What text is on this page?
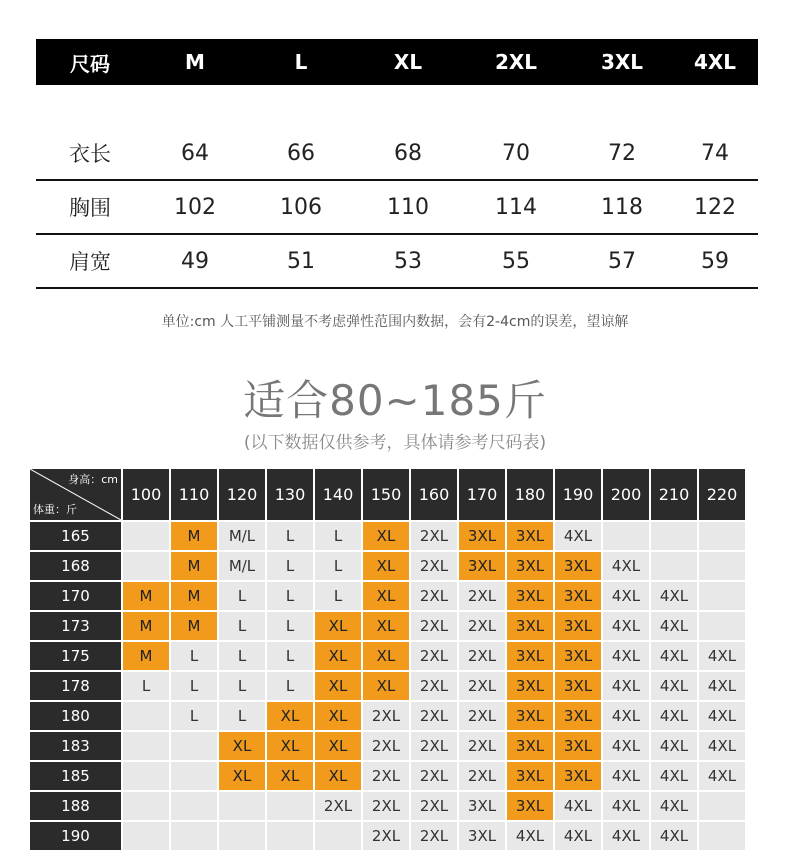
尺码	M	L	XL	2XL	3XL	4XL
衣长	64	66	68	70	72	74
胸围	102	106	110	114	118	122
肩宽	49	51	53	55	57	59
单位:cm 人工平铺测量不考虑弹性范围内数据，会有2-4cm的误差，望谅解
适合80~185斤
(以下数据仅供参考，具体请参考尺码表)
身高：cm
体重：斤	100	110	120	130	140	150	160	170	180	190	200	210	220
165		M	M/L	L	L	XL	2XL	3XL	3XL	4XL			
168		M	M/L	L	L	XL	2XL	3XL	3XL	3XL	4XL		
170	M	M	L	L	L	XL	2XL	2XL	3XL	3XL	4XL	4XL	
173	M	M	L	L	XL	XL	2XL	2XL	3XL	3XL	4XL	4XL	
175	M	L	L	L	XL	XL	2XL	2XL	3XL	3XL	4XL	4XL	4XL
178	L	L	L	L	XL	XL	2XL	2XL	3XL	3XL	4XL	4XL	4XL
180		L	L	XL	XL	2XL	2XL	2XL	3XL	3XL	4XL	4XL	4XL
183			XL	XL	XL	2XL	2XL	2XL	3XL	3XL	4XL	4XL	4XL
185			XL	XL	XL	2XL	2XL	2XL	3XL	3XL	4XL	4XL	4XL
188					2XL	2XL	2XL	3XL	3XL	4XL	4XL	4XL	
190						2XL	2XL	3XL	4XL	4XL	4XL	4XL	
